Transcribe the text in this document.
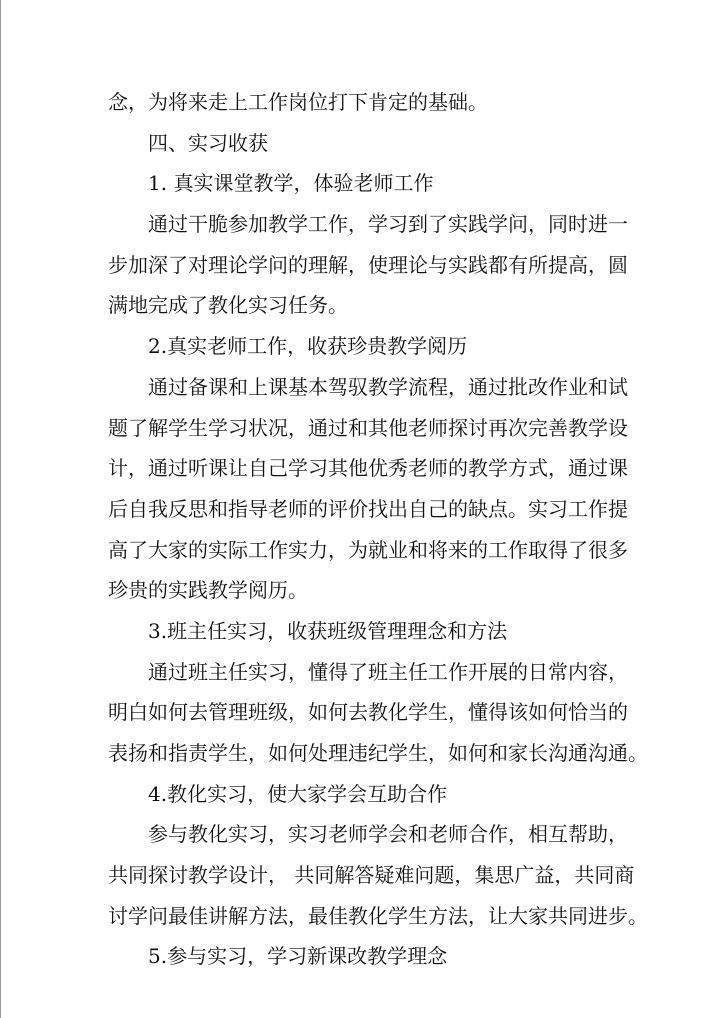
念，为将来走上工作岗位打下肯定的基础。
四、实习收获
1. 真实课堂教学，体验老师工作
通过干脆参加教学工作，学习到了实践学问，同时进一
步加深了对理论学问的理解，使理论与实践都有所提高，圆
满地完成了教化实习任务。
2.真实老师工作，收获珍贵教学阅历
通过备课和上课基本驾驭教学流程，通过批改作业和试
题了解学生学习状况，通过和其他老师探讨再次完善教学设
计，通过听课让自己学习其他优秀老师的教学方式，通过课
后自我反思和指导老师的评价找出自己的缺点。实习工作提
高了大家的实际工作实力，为就业和将来的工作取得了很多
珍贵的实践教学阅历。
3.班主任实习，收获班级管理理念和方法
通过班主任实习，懂得了班主任工作开展的日常内容，
明白如何去管理班级，如何去教化学生，懂得该如何恰当的
表扬和指责学生，如何处理违纪学生，如何和家长沟通沟通。
4.教化实习，使大家学会互助合作
参与教化实习，实习老师学会和老师合作，相互帮助，
共同探讨教学设计， 共同解答疑难问题，集思广益，共同商
讨学问最佳讲解方法，最佳教化学生方法，让大家共同进步。
5.参与实习，学习新课改教学理念
